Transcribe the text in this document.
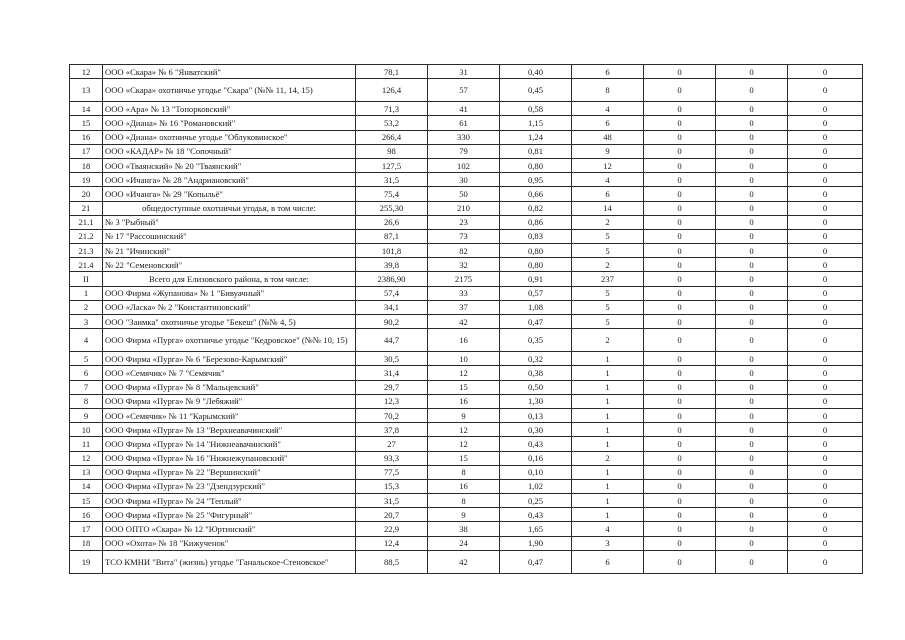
12	ООО «Скара» № 6 "Янватский"	78,1	31	0,40	6	0	0	0
13	ООО «Скара» охотничье угодье "Скара" (№№ 11, 14, 15)	126,4	57	0,45	8	0	0	0
14	ООО «Ара» № 13 "Топорковский"	71,3	41	0,58	4	0	0	0
15	ООО «Диана» № 16 "Романовский"	53,2	61	1,15	6	0	0	0
16	ООО «Диана» охотничье угодье "Облуковинское"	266,4	330	1,24	48	0	0	0
17	ООО «КАДАР» № 18 "Сопочный"	98	79	0,81	9	0	0	0
18	ООО «Тваянский» № 20 "Тваянский"	127,5	102	0,80	12	0	0	0
19	ООО «Ичанга» № 28 "Андриановский"	31,5	30	0,95	4	0	0	0
20	ООО «Ичанга» № 29 "Копыльё"	75,4	50	0,66	6	0	0	0
21	общедоступные охотничьи угодья, в том числе:	255,30	210	0,82	14	0	0	0
21.1	№ 3 "Рыбный"	26,6	23	0,86	2	0	0	0
21.2	№ 17 "Рассошинский"	87,1	73	0,83	5	0	0	0
21.3	№ 21 "Ичинский"	101,8	82	0,80	5	0	0	0
21.4	№ 22 "Семеновский"	39,8	32	0,80	2	0	0	0
II	Всего для Елизовского района, в том числе:	2386,90	2175	0,91	237	0	0	0
1	ООО Фирма «Жупанова» № 1 "Бивуачный"	57,4	33	0,57	5	0	0	0
2	ООО «Ласка» № 2 "Константиновский"	34,1	37	1,08	5	0	0	0
3	ООО "Заимка" охотничье угодье "Бекеш" (№№ 4, 5)	90,2	42	0,47	5	0	0	0
4	ООО Фирма «Пурга» охотничье угодье "Кедровское" (№№ 10, 15)	44,7	16	0,35	2	0	0	0
5	ООО Фирма «Пурга» № 6 "Березово-Карымский"	30,5	10	0,32	1	0	0	0
6	ООО «Семячик» № 7 "Семячик"	31,4	12	0,38	1	0	0	0
7	ООО Фирма «Пурга» № 8 "Мальцевский"	29,7	15	0,50	1	0	0	0
8	ООО Фирма «Пурга» № 9 "Лебяжий"	12,3	16	1,30	1	0	0	0
9	ООО «Семячик» № 11 "Карымский"	70,2	9	0,13	1	0	0	0
10	ООО Фирма «Пурга» № 13 "Верхнеавачинский"	37,8	12	0,30	1	0	0	0
11	ООО Фирма «Пурга» № 14 "Нижнеавачинский"	27	12	0,43	1	0	0	0
12	ООО Фирма «Пурга» № 16 "Нижнежупановский"	93,3	15	0,16	2	0	0	0
13	ООО Фирма «Пурга» № 22 "Вершинский"	77,5	8	0,10	1	0	0	0
14	ООО Фирма «Пурга» № 23 "Дзендзурский"	15,3	16	1,02	1	0	0	0
15	ООО Фирма «Пурга» № 24 "Теплый"	31,5	8	0,25	1	0	0	0
16	ООО Фирма «Пурга» № 25 "Фигурный"	20,7	9	0,43	1	0	0	0
17	ООО ОПТО «Скара» № 12 "Юртинский"	22,9	38	1,65	4	0	0	0
18	ООО «Охота» № 18 "Кижученок"	12,4	24	1,90	3	0	0	0
19	ТСО КМНИ "Вита" (жизнь) угодье "Ганальское-Стеновское"	88,5	42	0,47	6	0	0	0
